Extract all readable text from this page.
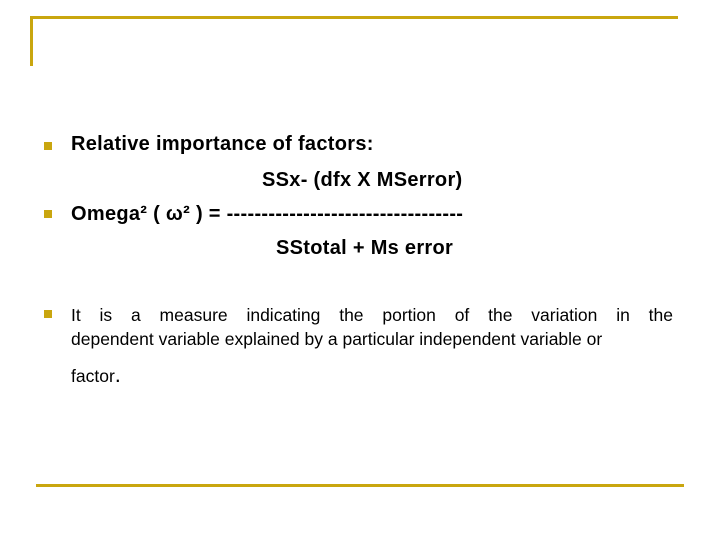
Relative importance of factors:
SSx- (dfx X MSerror)
Omega² ( ω² ) = ----------------------------------
SStotal + Ms error
It is a measure indicating the portion of the variation in the
dependent variable explained by a particular independent variable or
factor.
